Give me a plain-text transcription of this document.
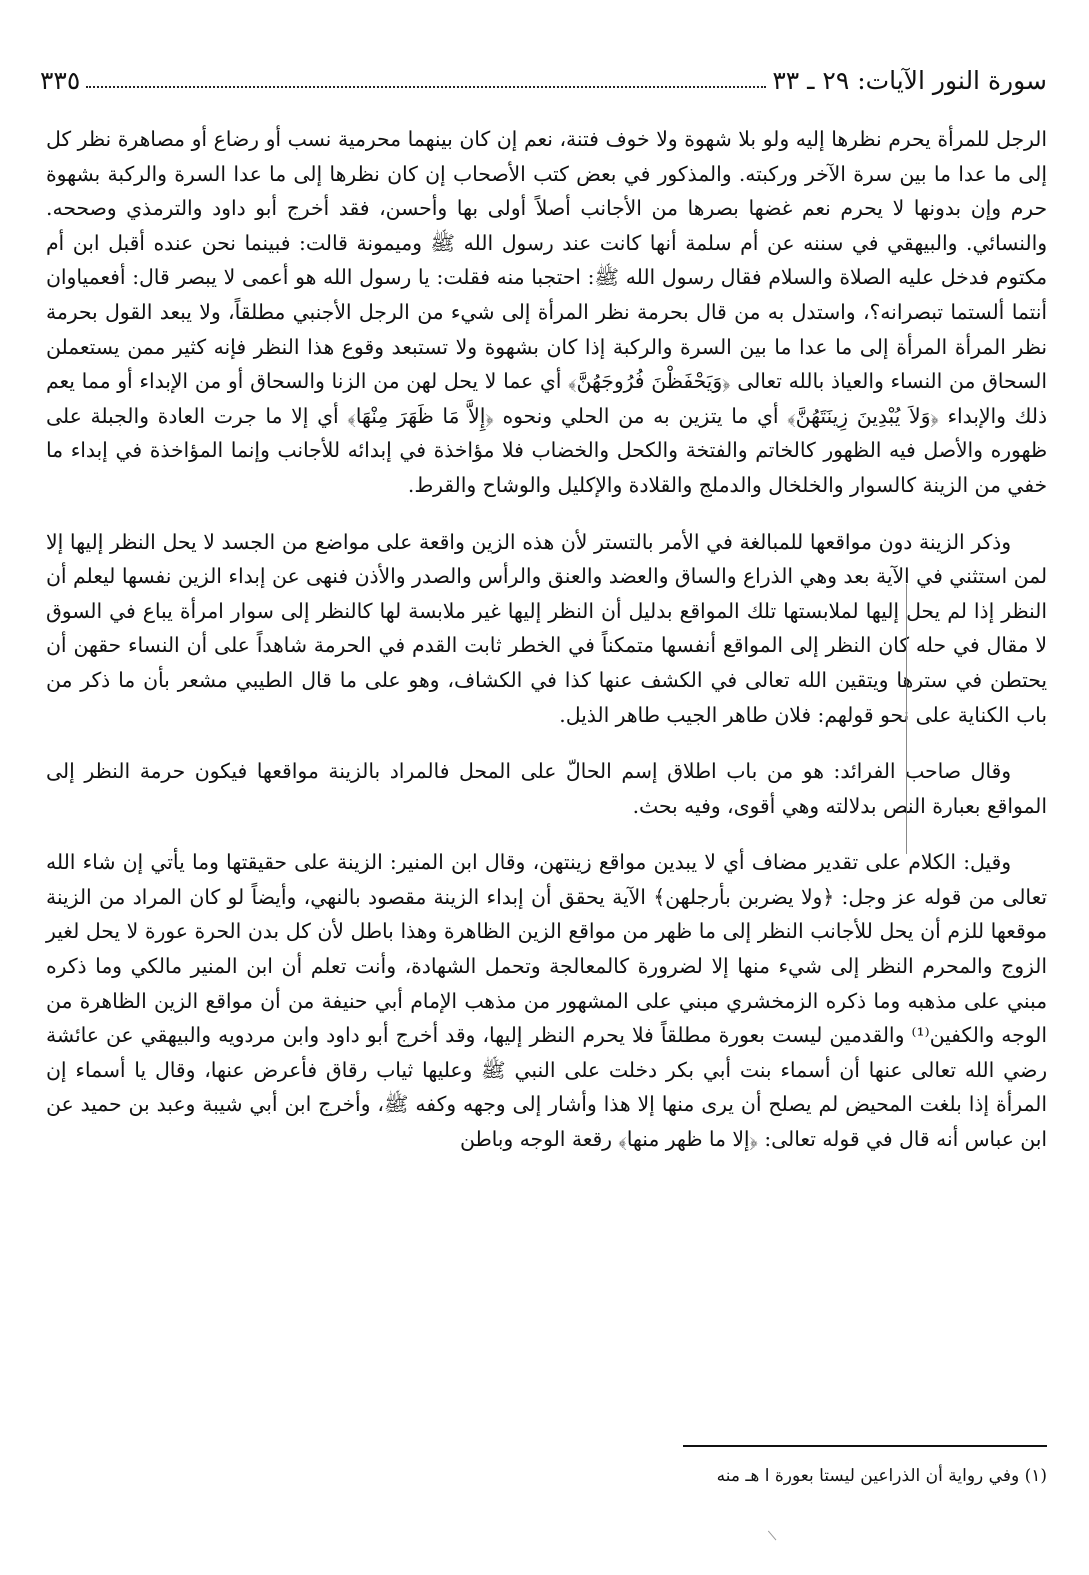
سورة النور الآيات: ٢٩ ـ ٣٣
٣٣٥

الرجل للمرأة يحرم نظرها إليه ولو بلا شهوة ولا خوف فتنة، نعم إن كان بينهما محرمية نسب أو رضاع أو مصاهرة نظر كل إلى ما عدا ما بين سرة الآخر وركبته. والمذكور في بعض كتب الأصحاب إن كان نظرها إلى ما عدا السرة والركبة بشهوة حرم وإن بدونها لا يحرم نعم غضها بصرها من الأجانب أصلاً أولى بها وأحسن، فقد أخرج أبو داود والترمذي وصححه. والنسائي. والبيهقي في سننه عن أم سلمة أنها كانت عند رسول الله ﷺ وميمونة قالت: فبينما نحن عنده أقبل ابن أم مكتوم فدخل عليه الصلاة والسلام فقال رسول الله ﷺ: احتجبا منه فقلت: يا رسول الله هو أعمى لا يبصر قال: أفعمياوان أنتما ألستما تبصرانه؟، واستدل به من قال بحرمة نظر المرأة إلى شيء من الرجل الأجنبي مطلقاً، ولا يبعد القول بحرمة نظر المرأة المرأة إلى ما عدا ما بين السرة والركبة إذا كان بشهوة ولا تستبعد وقوع هذا النظر فإنه كثير ممن يستعملن السحاق من النساء والعياذ بالله تعالى ﴿وَيَحْفَظْنَ فُرُوجَهُنَّ﴾ أي عما لا يحل لهن من الزنا والسحاق أو من الإبداء أو مما يعم ذلك والإبداء ﴿وَلاَ يُبْدِينَ زِينَتَهُنَّ﴾ أي ما يتزين به من الحلي ونحوه ﴿إِلاَّ مَا ظَهَرَ مِنْهَا﴾ أي إلا ما جرت العادة والجبلة على ظهوره والأصل فيه الظهور كالخاتم والفتخة والكحل والخضاب فلا مؤاخذة في إبدائه للأجانب وإنما المؤاخذة في إبداء ما خفي من الزينة كالسوار والخلخال والدملج والقلادة والإكليل والوشاح والقرط.

وذكر الزينة دون مواقعها للمبالغة في الأمر بالتستر لأن هذه الزين واقعة على مواضع من الجسد لا يحل النظر إليها إلا لمن استثني في الآية بعد وهي الذراع والساق والعضد والعنق والرأس والصدر والأذن فنهى عن إبداء الزين نفسها ليعلم أن النظر إذا لم يحل إليها لملابستها تلك المواقع بدليل أن النظر إليها غير ملابسة لها كالنظر إلى سوار امرأة يباع في السوق لا مقال في حله كان النظر إلى المواقع أنفسها متمكناً في الخطر ثابت القدم في الحرمة شاهداً على أن النساء حقهن أن يحتطن في سترها ويتقين الله تعالى في الكشف عنها كذا في الكشاف، وهو على ما قال الطيبي مشعر بأن ما ذكر من باب الكناية على نحو قولهم: فلان طاهر الجيب طاهر الذيل.

وقال صاحب الفرائد: هو من باب اطلاق إسم الحالّ على المحل فالمراد بالزينة مواقعها فيكون حرمة النظر إلى المواقع بعبارة النص بدلالته وهي أقوى، وفيه بحث.

وقيل: الكلام على تقدير مضاف أي لا يبدين مواقع زينتهن، وقال ابن المنير: الزينة على حقيقتها وما يأتي إن شاء الله تعالى من قوله عز وجل: ﴿ولا يضربن بأرجلهن﴾ الآية يحقق أن إبداء الزينة مقصود بالنهي، وأيضاً لو كان المراد من الزينة موقعها للزم أن يحل للأجانب النظر إلى ما ظهر من مواقع الزين الظاهرة وهذا باطل لأن كل بدن الحرة عورة لا يحل لغير الزوج والمحرم النظر إلى شيء منها إلا لضرورة كالمعالجة وتحمل الشهادة، وأنت تعلم أن ابن المنير مالكي وما ذكره مبني على مذهبه وما ذكره الزمخشري مبني على المشهور من مذهب الإمام أبي حنيفة من أن مواقع الزين الظاهرة من الوجه والكفين⁽¹⁾ والقدمين ليست بعورة مطلقاً فلا يحرم النظر إليها، وقد أخرج أبو داود وابن مردويه والبيهقي عن عائشة رضي الله تعالى عنها أن أسماء بنت أبي بكر دخلت على النبي ﷺ وعليها ثياب رقاق فأعرض عنها، وقال يا أسماء إن المرأة إذا بلغت المحيض لم يصلح أن يرى منها إلا هذا وأشار إلى وجهه وكفه ﷺ، وأخرج ابن أبي شيبة وعبد بن حميد عن ابن عباس أنه قال في قوله تعالى: ﴿إلا ما ظهر منها﴾ رقعة الوجه وباطن

(١) وفي رواية أن الذراعين ليستا بعورة ا هـ منه
